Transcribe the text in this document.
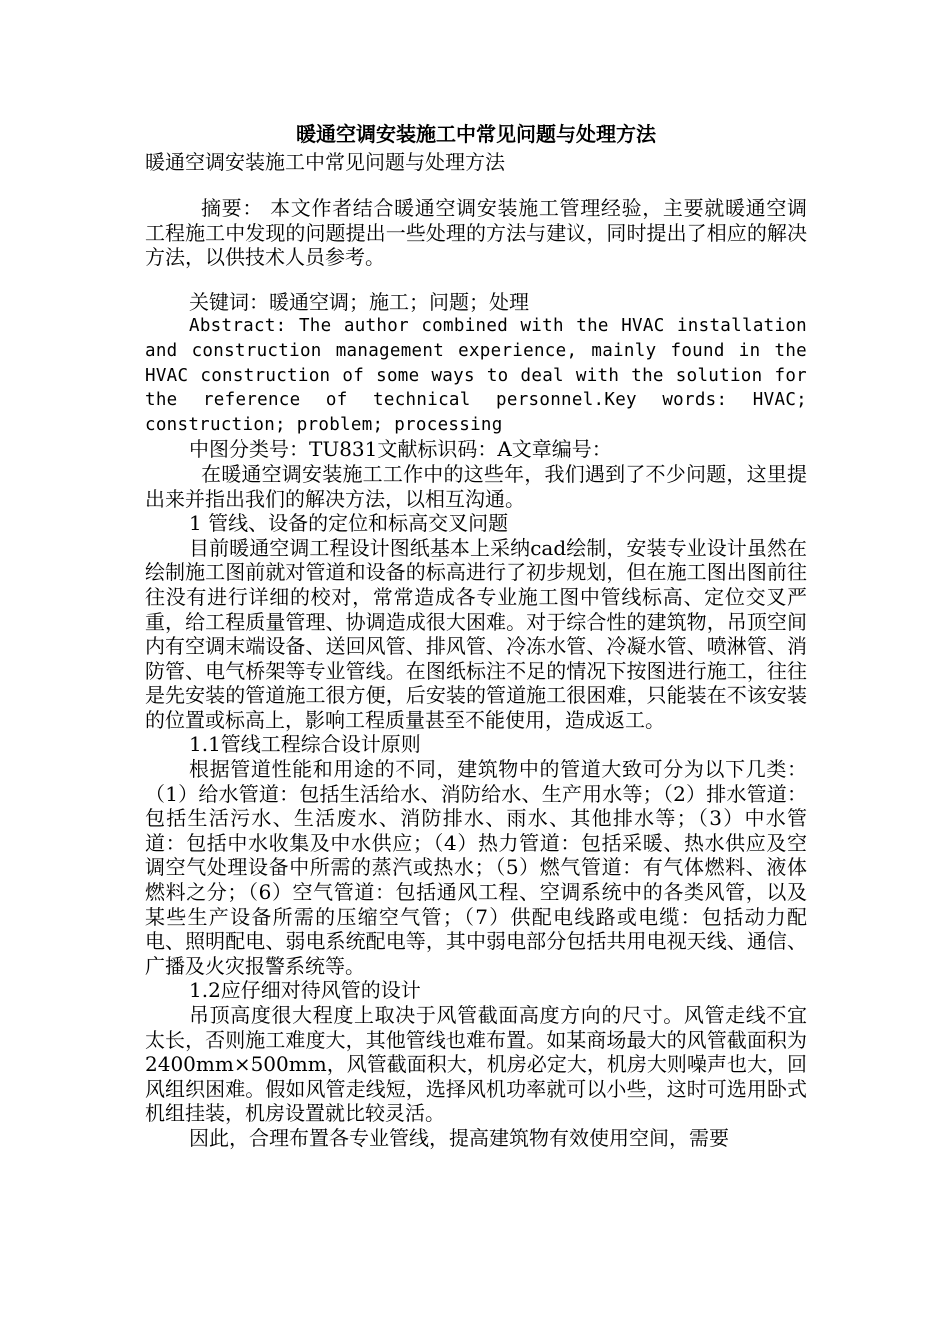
暖通空调安装施工中常见问题与处理方法

暖通空调安装施工中常见问题与处理方法

摘要： 本文作者结合暖通空调安装施工管理经验，主要就暖通空调工程施工中发现的问题提出一些处理的方法与建议，同时提出了相应的解决方法，以供技术人员参考。

关键词：暖通空调；施工；问题；处理

Abstract: The author combined with the HVAC installation and construction management experience, mainly found in the HVAC construction of some ways to deal with the solution for the reference of technical personnel.Key words: HVAC; construction; problem; processing

中图分类号：TU831文献标识码：A文章编号：

在暖通空调安装施工工作中的这些年，我们遇到了不少问题，这里提出来并指出我们的解决方法，以相互沟通。

1 管线、设备的定位和标高交叉问题

目前暖通空调工程设计图纸基本上采纳cad绘制，安装专业设计虽然在绘制施工图前就对管道和设备的标高进行了初步规划，但在施工图出图前往往没有进行详细的校对，常常造成各专业施工图中管线标高、定位交叉严重，给工程质量管理、协调造成很大困难。对于综合性的建筑物，吊顶空间内有空调末端设备、送回风管、排风管、冷冻水管、冷凝水管、喷淋管、消防管、电气桥架等专业管线。在图纸标注不足的情况下按图进行施工，往往是先安装的管道施工很方便，后安装的管道施工很困难，只能装在不该安装的位置或标高上，影响工程质量甚至不能使用，造成返工。

1.1管线工程综合设计原则

根据管道性能和用途的不同，建筑物中的管道大致可分为以下几类：（1）给水管道：包括生活给水、消防给水、生产用水等；（2）排水管道：包括生活污水、生活废水、消防排水、雨水、其他排水等；（3）中水管道：包括中水收集及中水供应；（4）热力管道：包括采暖、热水供应及空调空气处理设备中所需的蒸汽或热水；（5）燃气管道：有气体燃料、液体燃料之分；（6）空气管道：包括通风工程、空调系统中的各类风管，以及某些生产设备所需的压缩空气管；（7）供配电线路或电缆：包括动力配电、照明配电、弱电系统配电等，其中弱电部分包括共用电视天线、通信、广播及火灾报警系统等。

1.2应仔细对待风管的设计

吊顶高度很大程度上取决于风管截面高度方向的尺寸。风管走线不宜太长，否则施工难度大，其他管线也难布置。如某商场最大的风管截面积为2400mm×500mm，风管截面积大，机房必定大，机房大则噪声也大，回风组织困难。假如风管走线短，选择风机功率就可以小些，这时可选用卧式机组挂装，机房设置就比较灵活。

因此，合理布置各专业管线，提高建筑物有效使用空间，需要
